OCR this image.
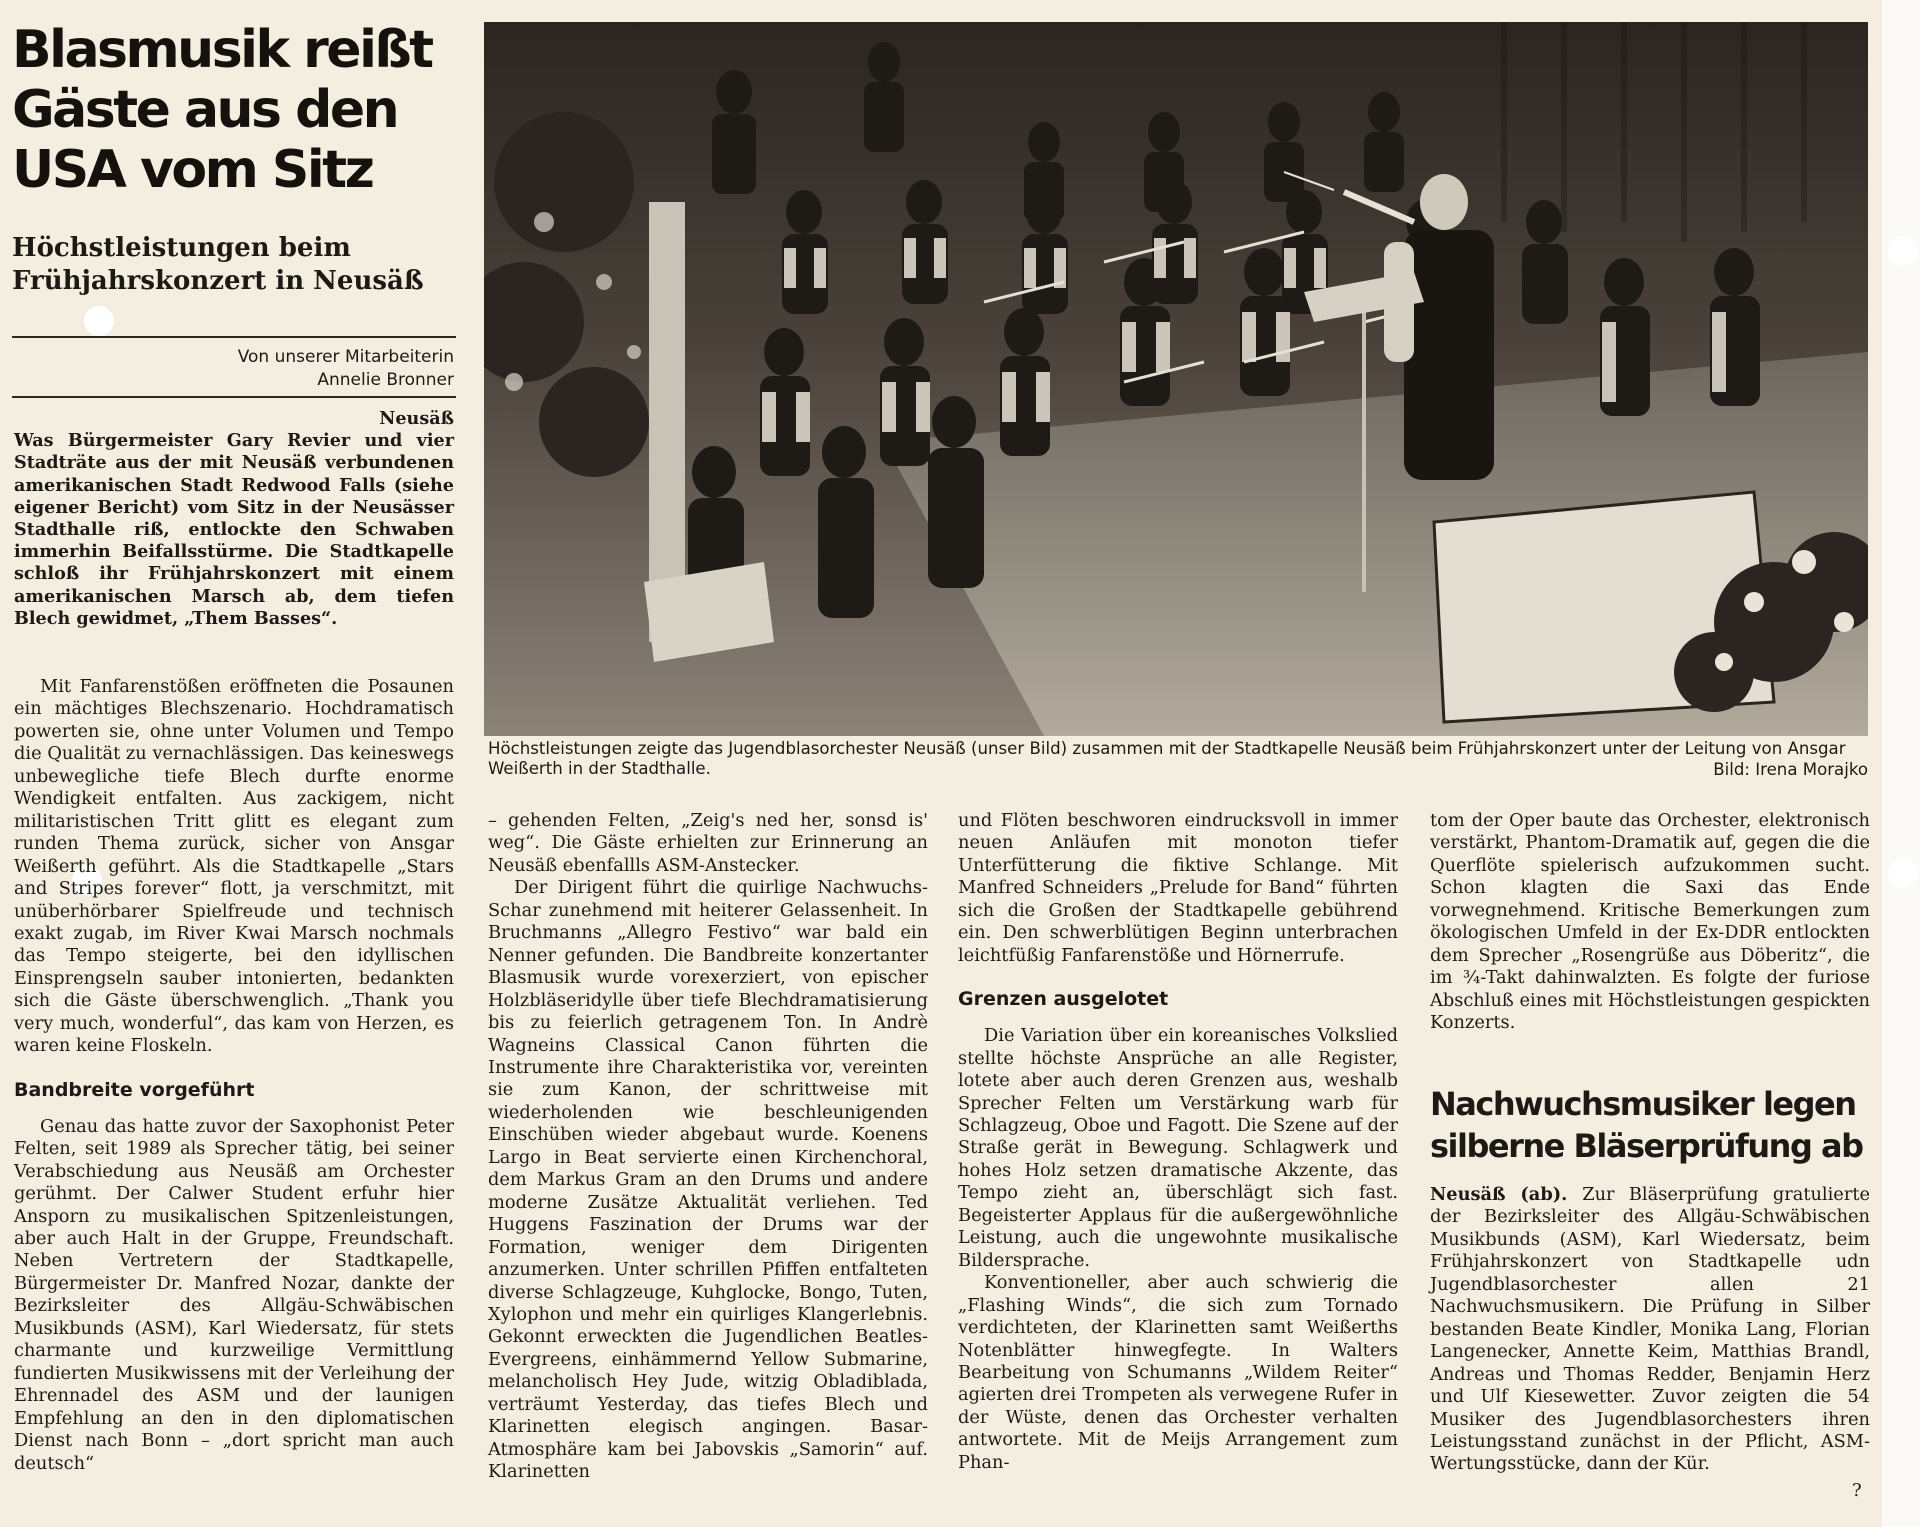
Blasmusik reißt Gäste aus den USA vom Sitz
Höchstleistungen beim Frühjahrskonzert in Neusäß
Von unserer Mitarbeiterin
Annelie Bronner
Neusäß
Was Bürgermeister Gary Revier und vier Stadträte aus der mit Neusäß verbundenen amerikanischen Stadt Redwood Falls (siehe eigener Bericht) vom Sitz in der Neusässer Stadthalle riß, entlockte den Schwaben immerhin Beifallsstürme. Die Stadtkapelle schloß ihr Frühjahrskonzert mit einem amerikanischen Marsch ab, dem tiefen Blech gewidmet, „Them Basses“.

Mit Fanfarenstößen eröffneten die Posaunen ein mächtiges Blechszenario. Hochdramatisch powerten sie, ohne unter Volumen und Tempo die Qualität zu vernachlässigen. Das keineswegs unbewegliche tiefe Blech durfte enorme Wendigkeit entfalten. Aus zackigem, nicht militaristischen Tritt glitt es elegant zum runden Thema zurück, sicher von Ansgar Weißerth geführt. Als die Stadtkapelle „Stars and Stripes forever“ flott, ja verschmitzt, mit unüberhörbarer Spielfreude und technisch exakt zugab, im River Kwai Marsch nochmals das Tempo steigerte, bei den idyllischen Einsprengseln sauber intonierten, bedankten sich die Gäste überschwenglich. „Thank you very much, wonderful“, das kam von Herzen, es waren keine Floskeln.

Bandbreite vorgeführt

Genau das hatte zuvor der Saxophonist Peter Felten, seit 1989 als Sprecher tätig, bei seiner Verabschiedung aus Neusäß am Orchester gerühmt. Der Calwer Student erfuhr hier Ansporn zu musikalischen Spitzenleistungen, aber auch Halt in der Gruppe, Freundschaft. Neben Vertretern der Stadtkapelle, Bürgermeister Dr. Manfred Nozar, dankte der Bezirksleiter des Allgäu-Schwäbischen Musikbunds (ASM), Karl Wiedersatz, für stets charmante und kurzweilige Vermittlung fundierten Musikwissens mit der Verleihung der Ehrennadel des ASM und der launigen Empfehlung an den in den diplomatischen Dienst nach Bonn – „dort spricht man auch deutsch“

Höchstleistungen zeigte das Jugendblasorchester Neusäß (unser Bild) zusammen mit der Stadtkapelle Neusäß beim Frühjahrskonzert unter der Leitung von Ansgar Weißerth in der Stadthalle.	Bild: Irena Morajko

– gehenden Felten, „Zeig's ned her, sonsd is' weg“. Die Gäste erhielten zur Erinnerung an Neusäß ebenfallls ASM-Anstecker.

Der Dirigent führt die quirlige Nachwuchs-Schar zunehmend mit heiterer Gelassenheit. In Bruchmanns „Allegro Festivo“ war bald ein Nenner gefunden. Die Bandbreite konzertanter Blasmusik wurde vorexerziert, von epischer Holzbläseridylle über tiefe Blechdramatisierung bis zu feierlich getragenem Ton. In Andrè Wagneins Classical Canon führten die Instrumente ihre Charakteristika vor, vereinten sie zum Kanon, der schrittweise mit wiederholenden wie beschleunigenden Einschüben wieder abgebaut wurde. Koenens Largo in Beat servierte einen Kirchenchoral, dem Markus Gram an den Drums und andere moderne Zusätze Aktualität verliehen. Ted Huggens Faszination der Drums war der Formation, weniger dem Dirigenten anzumerken. Unter schrillen Pfiffen entfalteten diverse Schlagzeuge, Kuhglocke, Bongo, Tuten, Xylophon und mehr ein quirliges Klangerlebnis. Gekonnt erweckten die Jugendlichen Beatles-Evergreens, einhämmernd Yellow Submarine, melancholisch Hey Jude, witzig Obladiblada, verträumt Yesterday, das tiefes Blech und Klarinetten elegisch angingen. Basar-Atmosphäre kam bei Jabovskis „Samorin“ auf. Klarinetten

und Flöten beschworen eindrucksvoll in immer neuen Anläufen mit monoton tiefer Unterfütterung die fiktive Schlange. Mit Manfred Schneiders „Prelude for Band“ führten sich die Großen der Stadtkapelle gebührend ein. Den schwerblütigen Beginn unterbrachen leichtfüßig Fanfarenstöße und Hörnerrufe.

Grenzen ausgelotet

Die Variation über ein koreanisches Volkslied stellte höchste Ansprüche an alle Register, lotete aber auch deren Grenzen aus, weshalb Sprecher Felten um Verstärkung warb für Schlagzeug, Oboe und Fagott. Die Szene auf der Straße gerät in Bewegung. Schlagwerk und hohes Holz setzen dramatische Akzente, das Tempo zieht an, überschlägt sich fast. Begeisterter Applaus für die außergewöhnliche Leistung, auch die ungewohnte musikalische Bildersprache.

Konventioneller, aber auch schwierig die „Flashing Winds“, die sich zum Tornado verdichteten, der Klarinetten samt Weißerths Notenblätter hinwegfegte. In Walters Bearbeitung von Schumanns „Wildem Reiter“ agierten drei Trompeten als verwegene Rufer in der Wüste, denen das Orchester verhalten antwortete. Mit de Meijs Arrangement zum Phan-

tom der Oper baute das Orchester, elektronisch verstärkt, Phantom-Dramatik auf, gegen die die Querflöte spielerisch aufzukommen sucht. Schon klagten die Saxi das Ende vorwegnehmend. Kritische Bemerkungen zum ökologischen Umfeld in der Ex-DDR entlockten dem Sprecher „Rosengrüße aus Döberitz“, die im ¾-Takt dahinwalzten. Es folgte der furiose Abschluß eines mit Höchstleistungen gespickten Konzerts.

Nachwuchsmusiker legen silberne Bläserprüfung ab
Neusäß (ab). Zur Bläserprüfung gratulierte der Bezirksleiter des Allgäu-Schwäbischen Musikbunds (ASM), Karl Wiedersatz, beim Frühjahrskonzert von Stadtkapelle udn Jugendblasorchester allen 21 Nachwuchsmusikern. Die Prüfung in Silber bestanden Beate Kindler, Monika Lang, Florian Langenecker, Annette Keim, Matthias Brandl, Andreas und Thomas Redder, Benjamin Herz und Ulf Kiesewetter. Zuvor zeigten die 54 Musiker des Jugendblasorchesters ihren Leistungsstand zunächst in der Pflicht, ASM-Wertungsstücke, dann der Kür.
?
